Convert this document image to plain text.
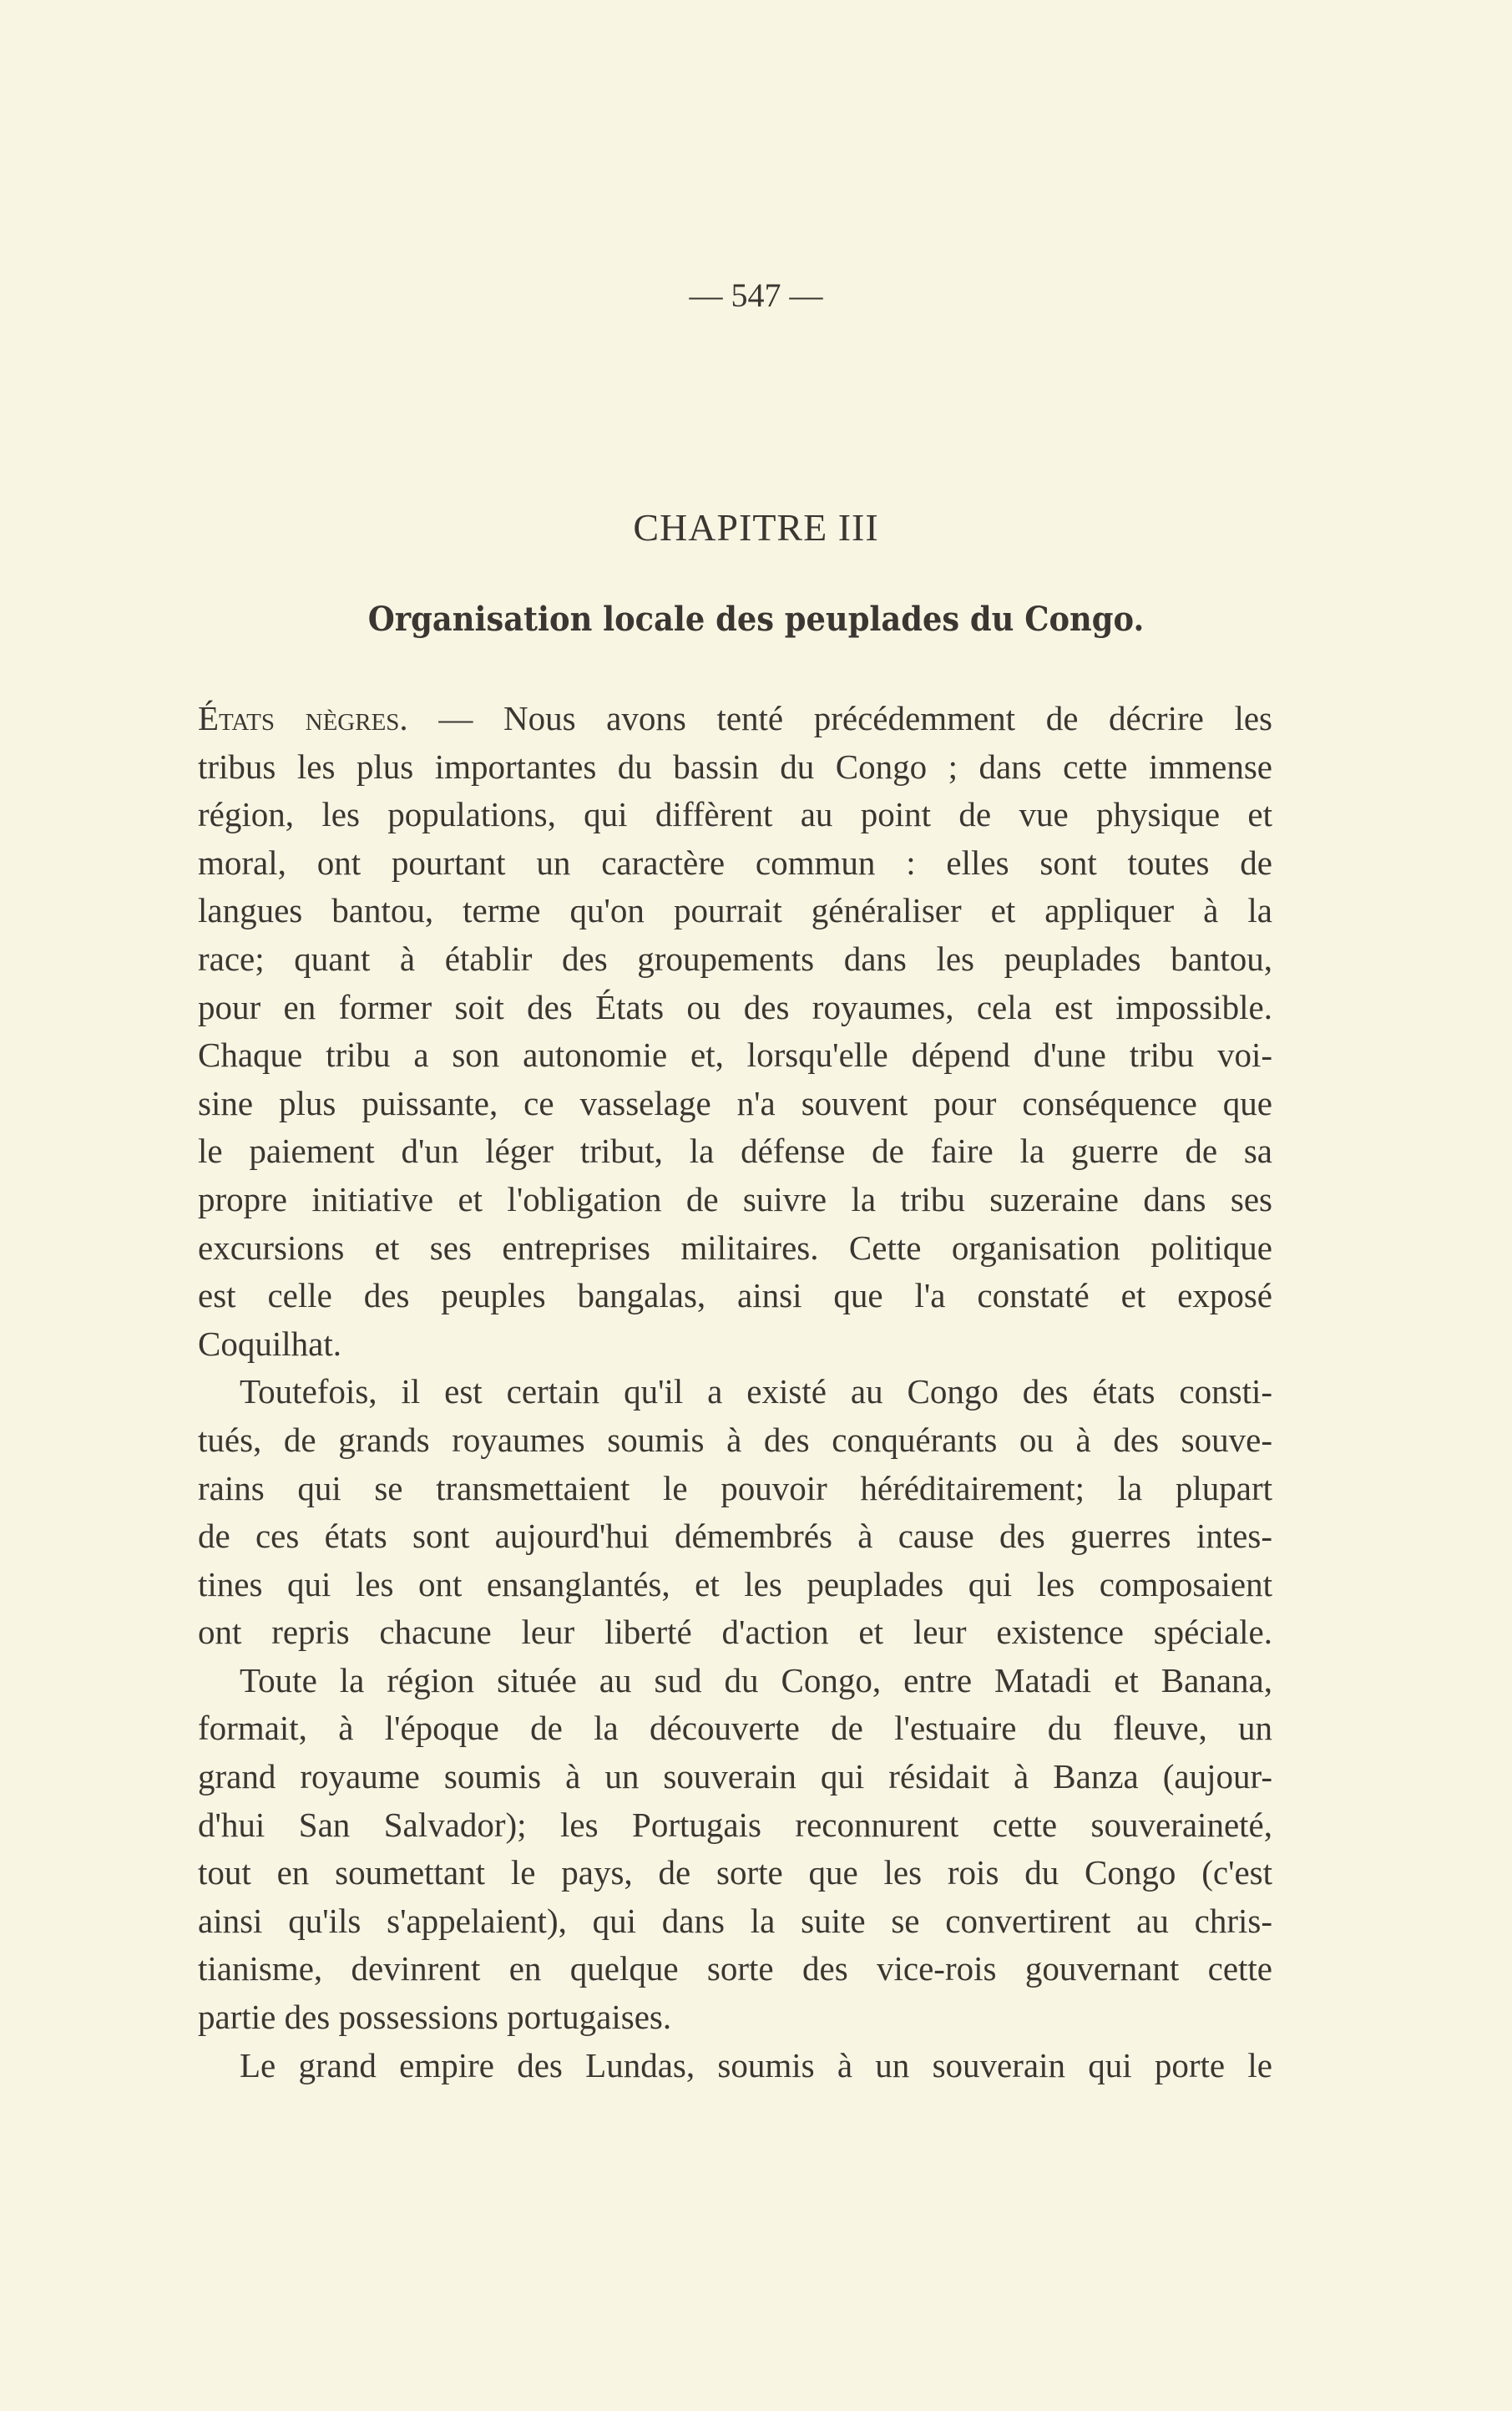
— 547 —
CHAPITRE III
Organisation locale des peuplades du Congo.
États nègres. — Nous avons tenté précédemment de décrire les
tribus les plus importantes du bassin du Congo ; dans cette immense
région, les populations, qui diffèrent au point de vue physique et
moral, ont pourtant un caractère commun : elles sont toutes de
langues bantou, terme qu'on pourrait généraliser et appliquer à la
race; quant à établir des groupements dans les peuplades bantou,
pour en former soit des États ou des royaumes, cela est impossible.
Chaque tribu a son autonomie et, lorsqu'elle dépend d'une tribu voi-
sine plus puissante, ce vasselage n'a souvent pour conséquence que
le paiement d'un léger tribut, la défense de faire la guerre de sa
propre initiative et l'obligation de suivre la tribu suzeraine dans ses
excursions et ses entreprises militaires. Cette organisation politique
est celle des peuples bangalas, ainsi que l'a constaté et exposé
Coquilhat.
Toutefois, il est certain qu'il a existé au Congo des états consti-
tués, de grands royaumes soumis à des conquérants ou à des souve-
rains qui se transmettaient le pouvoir héréditairement; la plupart
de ces états sont aujourd'hui démembrés à cause des guerres intes-
tines qui les ont ensanglantés, et les peuplades qui les composaient
ont repris chacune leur liberté d'action et leur existence spéciale.
Toute la région située au sud du Congo, entre Matadi et Banana,
formait, à l'époque de la découverte de l'estuaire du fleuve, un
grand royaume soumis à un souverain qui résidait à Banza (aujour-
d'hui San Salvador); les Portugais reconnurent cette souveraineté,
tout en soumettant le pays, de sorte que les rois du Congo (c'est
ainsi qu'ils s'appelaient), qui dans la suite se convertirent au chris-
tianisme, devinrent en quelque sorte des vice-rois gouvernant cette
partie des possessions portugaises.
Le grand empire des Lundas, soumis à un souverain qui porte le
